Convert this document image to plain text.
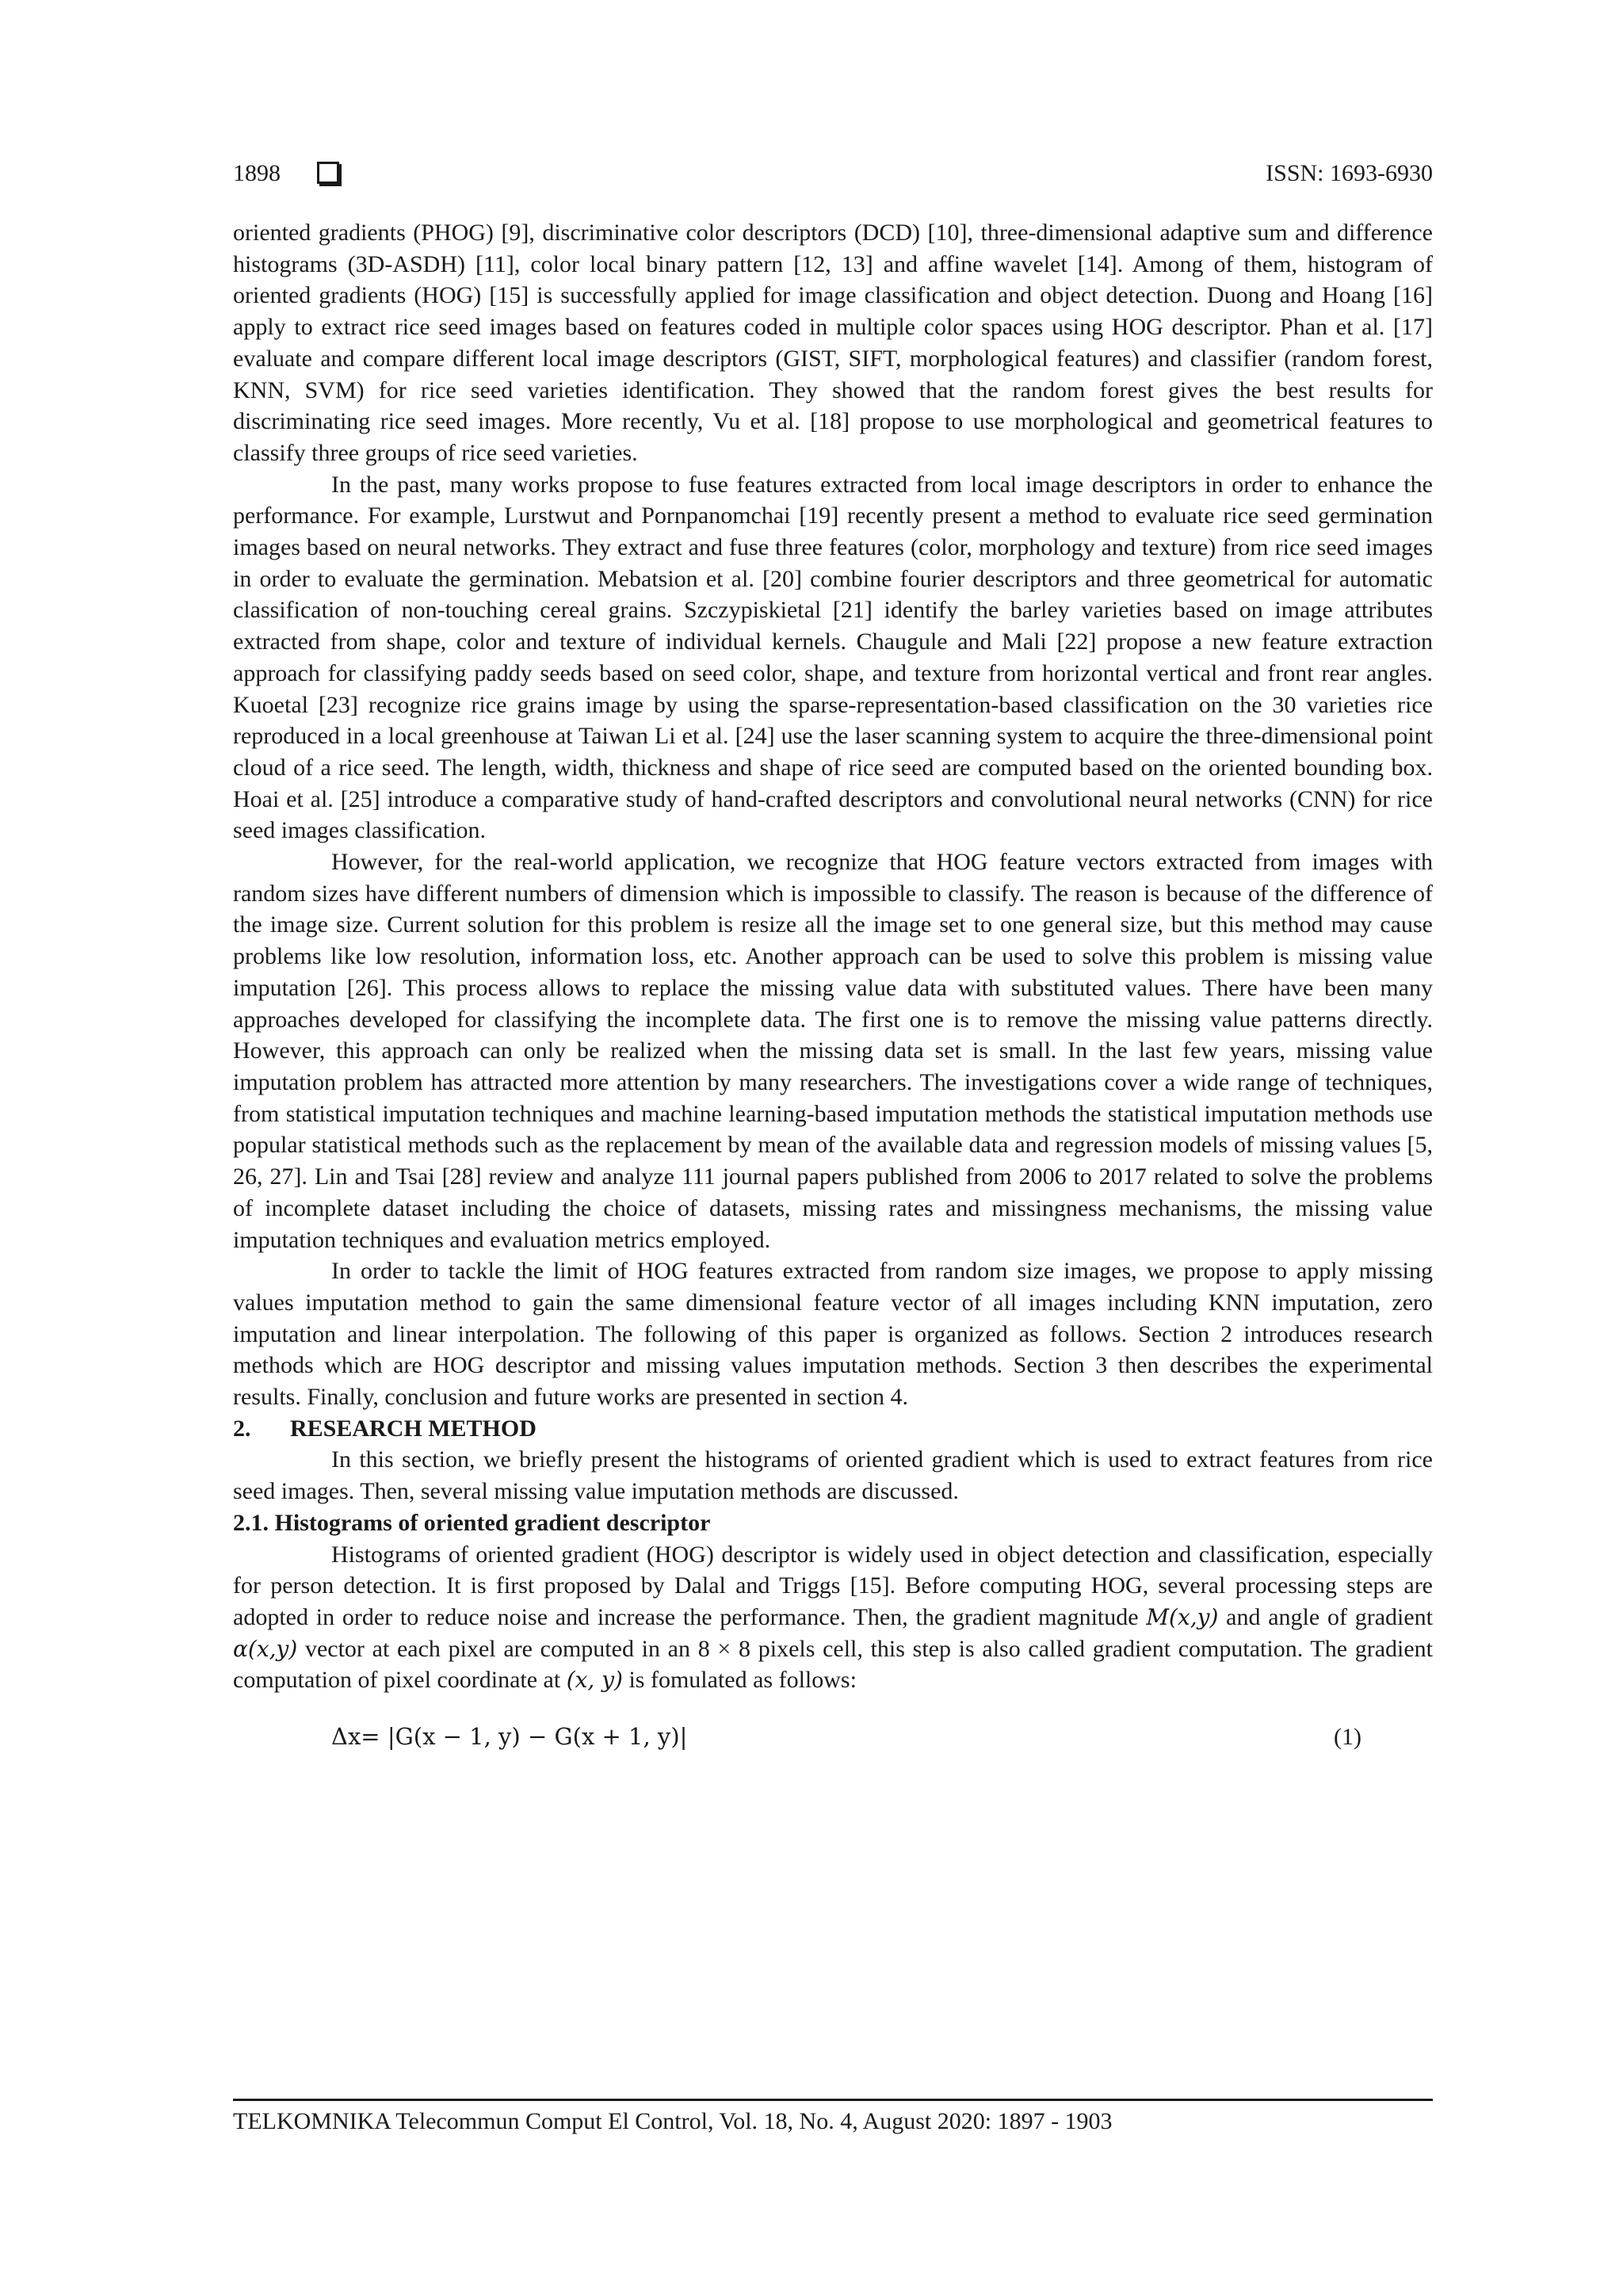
1898	ISSN: 1693-6930

oriented gradients (PHOG) [9], discriminative color descriptors (DCD) [10], three-dimensional adaptive sum and difference histograms (3D-ASDH) [11], color local binary pattern [12, 13] and affine wavelet [14]. Among of them, histogram of oriented gradients (HOG) [15] is successfully applied for image classification and object detection. Duong and Hoang [16] apply to extract rice seed images based on features coded in multiple color spaces using HOG descriptor. Phan et al. [17] evaluate and compare different local image descriptors (GIST, SIFT, morphological features) and classifier (random forest, KNN, SVM) for rice seed varieties identification. They showed that the random forest gives the best results for discriminating rice seed images. More recently, Vu et al. [18] propose to use morphological and geometrical features to classify three groups of rice seed varieties.

In the past, many works propose to fuse features extracted from local image descriptors in order to enhance the performance. For example, Lurstwut and Pornpanomchai [19] recently present a method to evaluate rice seed germination images based on neural networks. They extract and fuse three features (color, morphology and texture) from rice seed images in order to evaluate the germination. Mebatsion et al. [20] combine fourier descriptors and three geometrical for automatic classification of non-touching cereal grains. Szczypiskietal [21] identify the barley varieties based on image attributes extracted from shape, color and texture of individual kernels. Chaugule and Mali [22] propose a new feature extraction approach for classifying paddy seeds based on seed color, shape, and texture from horizontal vertical and front rear angles. Kuoetal [23] recognize rice grains image by using the sparse-representation-based classification on the 30 varieties rice reproduced in a local greenhouse at Taiwan Li et al. [24] use the laser scanning system to acquire the three-dimensional point cloud of a rice seed. The length, width, thickness and shape of rice seed are computed based on the oriented bounding box. Hoai et al. [25] introduce a comparative study of hand-crafted descriptors and convolutional neural networks (CNN) for rice seed images classification.

However, for the real-world application, we recognize that HOG feature vectors extracted from images with random sizes have different numbers of dimension which is impossible to classify. The reason is because of the difference of the image size. Current solution for this problem is resize all the image set to one general size, but this method may cause problems like low resolution, information loss, etc. Another approach can be used to solve this problem is missing value imputation [26]. This process allows to replace the missing value data with substituted values. There have been many approaches developed for classifying the incomplete data. The first one is to remove the missing value patterns directly. However, this approach can only be realized when the missing data set is small. In the last few years, missing value imputation problem has attracted more attention by many researchers. The investigations cover a wide range of techniques, from statistical imputation techniques and machine learning-based imputation methods the statistical imputation methods use popular statistical methods such as the replacement by mean of the available data and regression models of missing values [5, 26, 27]. Lin and Tsai [28] review and analyze 111 journal papers published from 2006 to 2017 related to solve the problems of incomplete dataset including the choice of datasets, missing rates and missingness mechanisms, the missing value imputation techniques and evaluation metrics employed.

In order to tackle the limit of HOG features extracted from random size images, we propose to apply missing values imputation method to gain the same dimensional feature vector of all images including KNN imputation, zero imputation and linear interpolation. The following of this paper is organized as follows. Section 2 introduces research methods which are HOG descriptor and missing values imputation methods. Section 3 then describes the experimental results. Finally, conclusion and future works are presented in section 4.

2. RESEARCH METHOD

In this section, we briefly present the histograms of oriented gradient which is used to extract features from rice seed images. Then, several missing value imputation methods are discussed.

2.1. Histograms of oriented gradient descriptor

Histograms of oriented gradient (HOG) descriptor is widely used in object detection and classification, especially for person detection. It is first proposed by Dalal and Triggs [15]. Before computing HOG, several processing steps are adopted in order to reduce noise and increase the performance. Then, the gradient magnitude M(x,y) and angle of gradient α(x,y) vector at each pixel are computed in an 8 × 8 pixels cell, this step is also called gradient computation. The gradient computation of pixel coordinate at (x, y) is fomulated as follows:

Δx= |G(x − 1, y) − G(x + 1, y)|	(1)
TELKOMNIKA Telecommun Comput El Control, Vol. 18, No. 4, August 2020: 1897 - 1903
